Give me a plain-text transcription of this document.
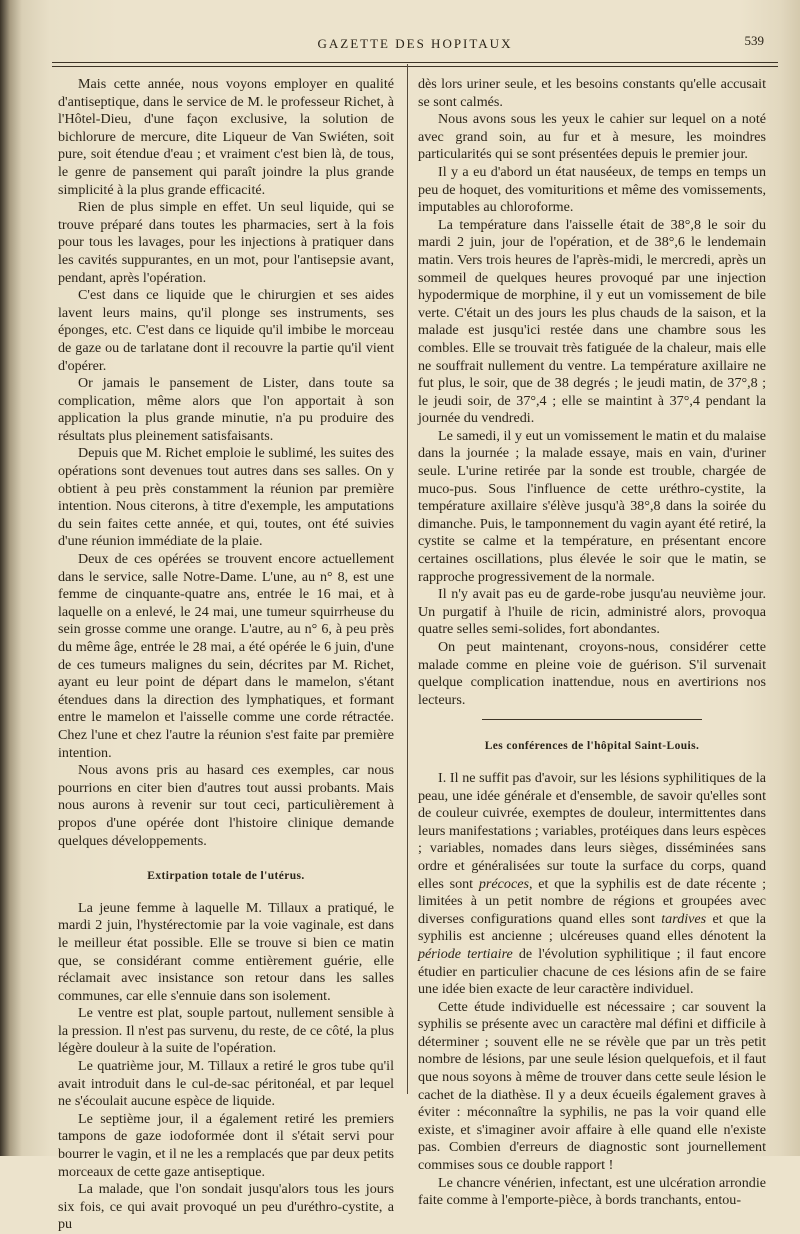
GAZETTE DES HOPITAUX	539

Mais cette année, nous voyons employer en qualité d'antiseptique, dans le service de M. le professeur Richet, à l'Hôtel-Dieu, d'une façon exclusive, la solution de bichlorure de mercure, dite Liqueur de Van Swiéten, soit pure, soit étendue d'eau ; et vraiment c'est bien là, de tous, le genre de pansement qui paraît joindre la plus grande simplicité à la plus grande efficacité.

Rien de plus simple en effet. Un seul liquide, qui se trouve préparé dans toutes les pharmacies, sert à la fois pour tous les lavages, pour les injections à pratiquer dans les cavités suppurantes, en un mot, pour l'antisepsie avant, pendant, après l'opération.

C'est dans ce liquide que le chirurgien et ses aides lavent leurs mains, qu'il plonge ses instruments, ses éponges, etc. C'est dans ce liquide qu'il imbibe le morceau de gaze ou de tarlatane dont il recouvre la partie qu'il vient d'opérer.

Or jamais le pansement de Lister, dans toute sa complication, même alors que l'on apportait à son application la plus grande minutie, n'a pu produire des résultats plus pleinement satisfaisants.

Depuis que M. Richet emploie le sublimé, les suites des opérations sont devenues tout autres dans ses salles. On y obtient à peu près constamment la réunion par première intention. Nous citerons, à titre d'exemple, les amputations du sein faites cette année, et qui, toutes, ont été suivies d'une réunion immédiate de la plaie.

Deux de ces opérées se trouvent encore actuellement dans le service, salle Notre-Dame. L'une, au n° 8, est une femme de cinquante-quatre ans, entrée le 16 mai, et à laquelle on a enlevé, le 24 mai, une tumeur squirrheuse du sein grosse comme une orange. L'autre, au n° 6, à peu près du même âge, entrée le 28 mai, a été opérée le 6 juin, d'une de ces tumeurs malignes du sein, décrites par M. Richet, ayant eu leur point de départ dans le mamelon, s'étant étendues dans la direction des lymphatiques, et formant entre le mamelon et l'aisselle comme une corde rétractée. Chez l'une et chez l'autre la réunion s'est faite par première intention.

Nous avons pris au hasard ces exemples, car nous pourrions en citer bien d'autres tout aussi probants. Mais nous aurons à revenir sur tout ceci, particulièrement à propos d'une opérée dont l'histoire clinique demande quelques développements.

Extirpation totale de l'utérus.

La jeune femme à laquelle M. Tillaux a pratiqué, le mardi 2 juin, l'hystérectomie par la voie vaginale, est dans le meilleur état possible. Elle se trouve si bien ce matin que, se considérant comme entièrement guérie, elle réclamait avec insistance son retour dans les salles communes, car elle s'ennuie dans son isolement.

Le ventre est plat, souple partout, nullement sensible à la pression. Il n'est pas survenu, du reste, de ce côté, la plus légère douleur à la suite de l'opération.

Le quatrième jour, M. Tillaux a retiré le gros tube qu'il avait introduit dans le cul-de-sac péritonéal, et par lequel ne s'écoulait aucune espèce de liquide.

Le septième jour, il a également retiré les premiers tampons de gaze iodoformée dont il s'était servi pour bourrer le vagin, et il ne les a remplacés que par deux petits morceaux de cette gaze antiseptique.

La malade, que l'on sondait jusqu'alors tous les jours six fois, ce qui avait provoqué un peu d'uréthro-cystite, a pu

dès lors uriner seule, et les besoins constants qu'elle accusait se sont calmés.

Nous avons sous les yeux le cahier sur lequel on a noté avec grand soin, au fur et à mesure, les moindres particularités qui se sont présentées depuis le premier jour.

Il y a eu d'abord un état nauséeux, de temps en temps un peu de hoquet, des vomituritions et même des vomissements, imputables au chloroforme.

La température dans l'aisselle était de 38°,8 le soir du mardi 2 juin, jour de l'opération, et de 38°,6 le lendemain matin. Vers trois heures de l'après-midi, le mercredi, après un sommeil de quelques heures provoqué par une injection hypodermique de morphine, il y eut un vomissement de bile verte. C'était un des jours les plus chauds de la saison, et la malade est jusqu'ici restée dans une chambre sous les combles. Elle se trouvait très fatiguée de la chaleur, mais elle ne souffrait nullement du ventre. La température axillaire ne fut plus, le soir, que de 38 degrés ; le jeudi matin, de 37°,8 ; le jeudi soir, de 37°,4 ; elle se maintint à 37°,4 pendant la journée du vendredi.

Le samedi, il y eut un vomissement le matin et du malaise dans la journée ; la malade essaye, mais en vain, d'uriner seule. L'urine retirée par la sonde est trouble, chargée de muco-pus. Sous l'influence de cette uréthro-cystite, la température axillaire s'élève jusqu'à 38°,8 dans la soirée du dimanche. Puis, le tamponnement du vagin ayant été retiré, la cystite se calme et la température, en présentant encore certaines oscillations, plus élevée le soir que le matin, se rapproche progressivement de la normale.

Il n'y avait pas eu de garde-robe jusqu'au neuvième jour. Un purgatif à l'huile de ricin, administré alors, provoqua quatre selles semi-solides, fort abondantes.

On peut maintenant, croyons-nous, considérer cette malade comme en pleine voie de guérison. S'il survenait quelque complication inattendue, nous en avertirions nos lecteurs.

Les conférences de l'hôpital Saint-Louis.

I. Il ne suffit pas d'avoir, sur les lésions syphilitiques de la peau, une idée générale et d'ensemble, de savoir qu'elles sont de couleur cuivrée, exemptes de douleur, intermittentes dans leurs manifestations ; variables, protéiques dans leurs espèces ; variables, nomades dans leurs sièges, disséminées sans ordre et généralisées sur toute la surface du corps, quand elles sont précoces, et que la syphilis est de date récente ; limitées à un petit nombre de régions et groupées avec diverses configurations quand elles sont tardives et que la syphilis est ancienne ; ulcéreuses quand elles dénotent la période tertiaire de l'évolution syphilitique ; il faut encore étudier en particulier chacune de ces lésions afin de se faire une idée bien exacte de leur caractère individuel.

Cette étude individuelle est nécessaire ; car souvent la syphilis se présente avec un caractère mal défini et difficile à déterminer ; souvent elle ne se révèle que par un très petit nombre de lésions, par une seule lésion quelquefois, et il faut que nous soyons à même de trouver dans cette seule lésion le cachet de la diathèse. Il y a deux écueils également graves à éviter : méconnaître la syphilis, ne pas la voir quand elle existe, et s'imaginer avoir affaire à elle quand elle n'existe pas. Combien d'erreurs de diagnostic sont journellement commises sous ce double rapport !

Le chancre vénérien, infectant, est une ulcération arrondie faite comme à l'emporte-pièce, à bords tranchants, entou-
